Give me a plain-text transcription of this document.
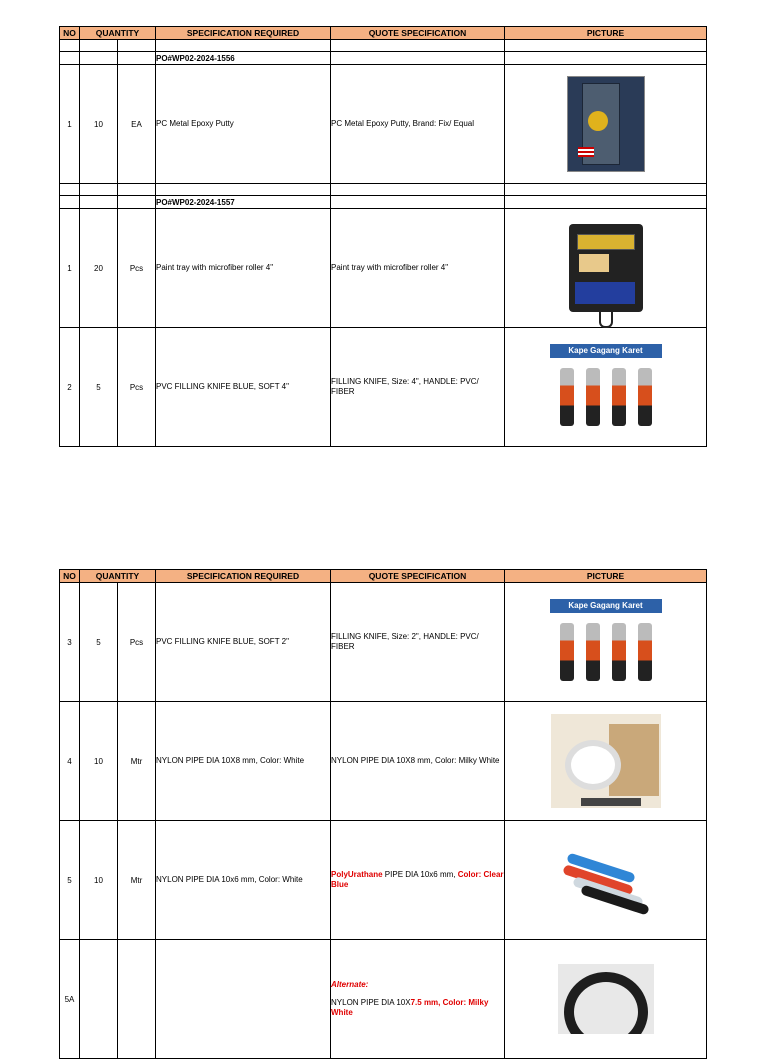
NO	QUANTITY		SPECIFICATION REQUIRED	QUOTE SPECIFICATION	PICTURE

			PO#WP02-2024-1556		
1	10	EA	PC Metal Epoxy Putty	PC Metal Epoxy Putty, Brand: Fix/ Equal	

			PO#WP02-2024-1557		
1	20	Pcs	Paint tray with microfiber roller 4"	Paint tray with microfiber roller 4"	

2	5	Pcs	PVC FILLING KNIFE BLUE, SOFT 4"	FILLING KNIFE, Size: 4", HANDLE: PVC/ FIBER	Kape Gagang Karet
NO	QUANTITY		SPECIFICATION REQUIRED	QUOTE SPECIFICATION	PICTURE
3	5	Pcs	PVC FILLING KNIFE BLUE, SOFT 2"	FILLING KNIFE, Size: 2", HANDLE: PVC/ FIBER	Kape Gagang Karet

4	10	Mtr	NYLON PIPE DIA 10X8 mm, Color: White	NYLON PIPE DIA 10X8 mm, Color: Milky White	

5	10	Mtr	NYLON PIPE DIA 10x6 mm, Color: White	PolyUrathane PIPE DIA 10x6 mm, Color: Clear Blue	

5A				Alternate:
NYLON PIPE DIA 10X7.5 mm, Color: Milky White	
